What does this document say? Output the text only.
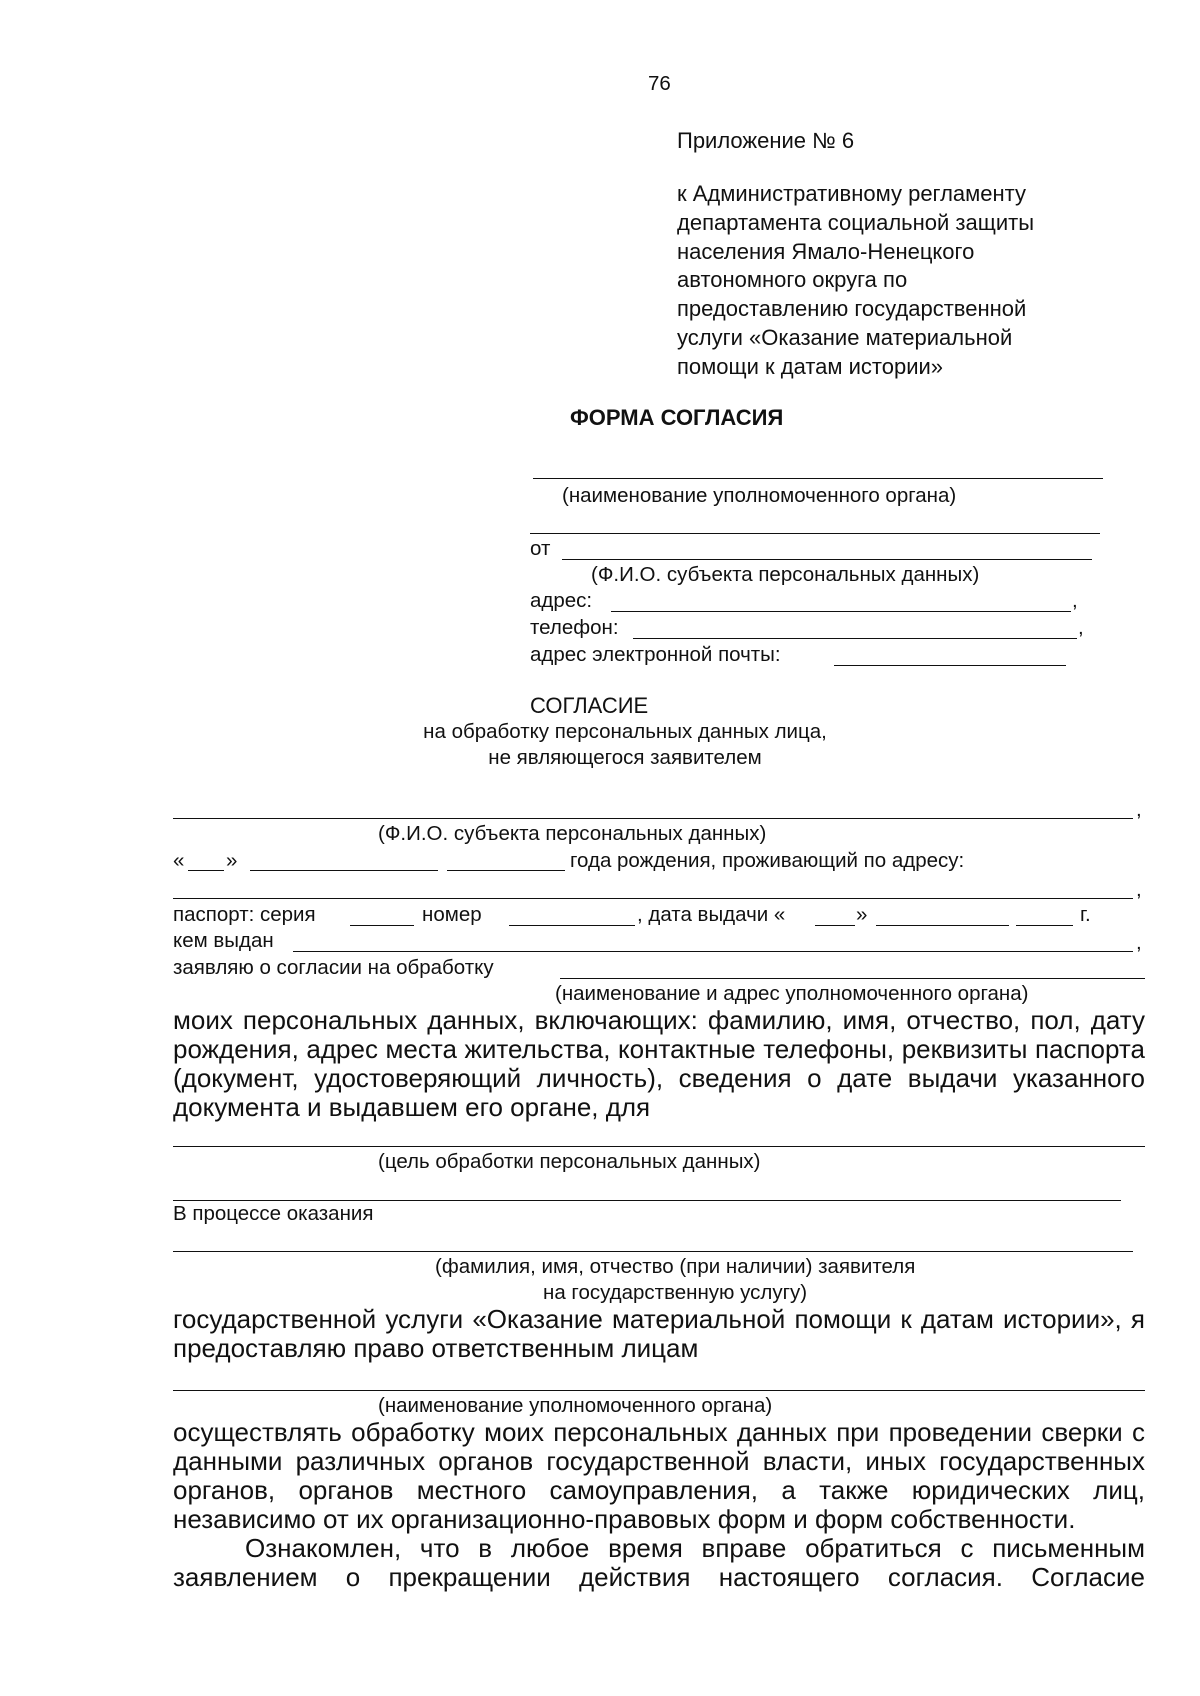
76
Приложение № 6
к Административному регламенту
департамента социальной защиты
населения Ямало-Ненецкого
автономного округа по
предоставлению государственной
услуги «Оказание материальной
помощи к датам истории»
ФОРМА СОГЛАСИЯ
(наименование уполномоченного органа)
от
(Ф.И.О. субъекта персональных данных)
адрес:	,
телефон:	,
адрес электронной почты:
СОГЛАСИЕ
на обработку персональных данных лица,
не являющегося заявителем
,
(Ф.И.О. субъекта персональных данных)
« »	года рождения, проживающий по адресу:
,
паспорт: серия	номер	, дата выдачи «	»	г.
кем выдан	,
заявляю о согласии на обработку
(наименование и адрес уполномоченного органа)
моих персональных данных, включающих: фамилию, имя, отчество, пол, дату
рождения, адрес места жительства, контактные телефоны, реквизиты паспорта
(документ, удостоверяющий личность), сведения о дате выдачи указанного
документа и выдавшем его органе, для
(цель обработки персональных данных)
В процессе оказания
(фамилия, имя, отчество (при наличии) заявителя
на государственную услугу)
государственной услуги «Оказание материальной помощи к датам истории», я
предоставляю право ответственным лицам
(наименование уполномоченного органа)
осуществлять обработку моих персональных данных при проведении сверки с
данными различных органов государственной власти, иных государственных
органов, органов местного самоуправления, а также юридических лиц,
независимо от их организационно-правовых форм и форм собственности.
Ознакомлен, что в любое время вправе обратиться с письменным
заявлением о прекращении действия настоящего согласия. Согласие
